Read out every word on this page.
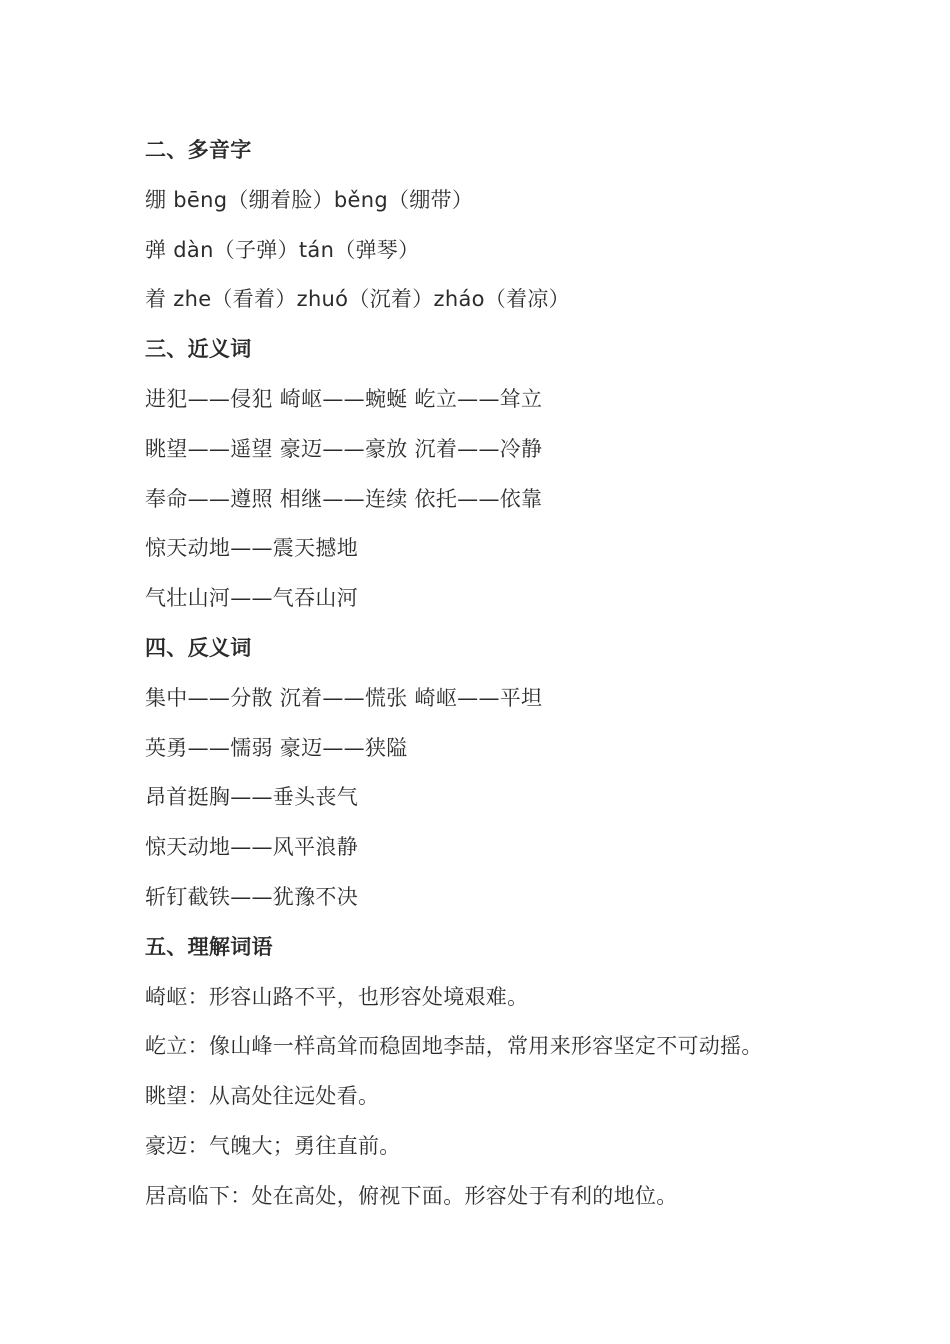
二、多音字
绷 bēng（绷着脸）běng（绷带）
弹 dàn（子弹）tán（弹琴）
着 zhe（看着）zhuó（沉着）zháo（着凉）
三、近义词
进犯——侵犯 崎岖——蜿蜒 屹立——耸立
眺望——遥望 豪迈——豪放 沉着——冷静
奉命——遵照 相继——连续 依托——依靠
惊天动地——震天撼地
气壮山河——气吞山河
四、反义词
集中——分散 沉着——慌张 崎岖——平坦
英勇——懦弱 豪迈——狭隘
昂首挺胸——垂头丧气
惊天动地——风平浪静
斩钉截铁——犹豫不决
五、理解词语
崎岖：形容山路不平，也形容处境艰难。
屹立：像山峰一样高耸而稳固地李喆，常用来形容坚定不可动摇。
眺望：从高处往远处看。
豪迈：气魄大；勇往直前。
居高临下：处在高处，俯视下面。形容处于有利的地位。
